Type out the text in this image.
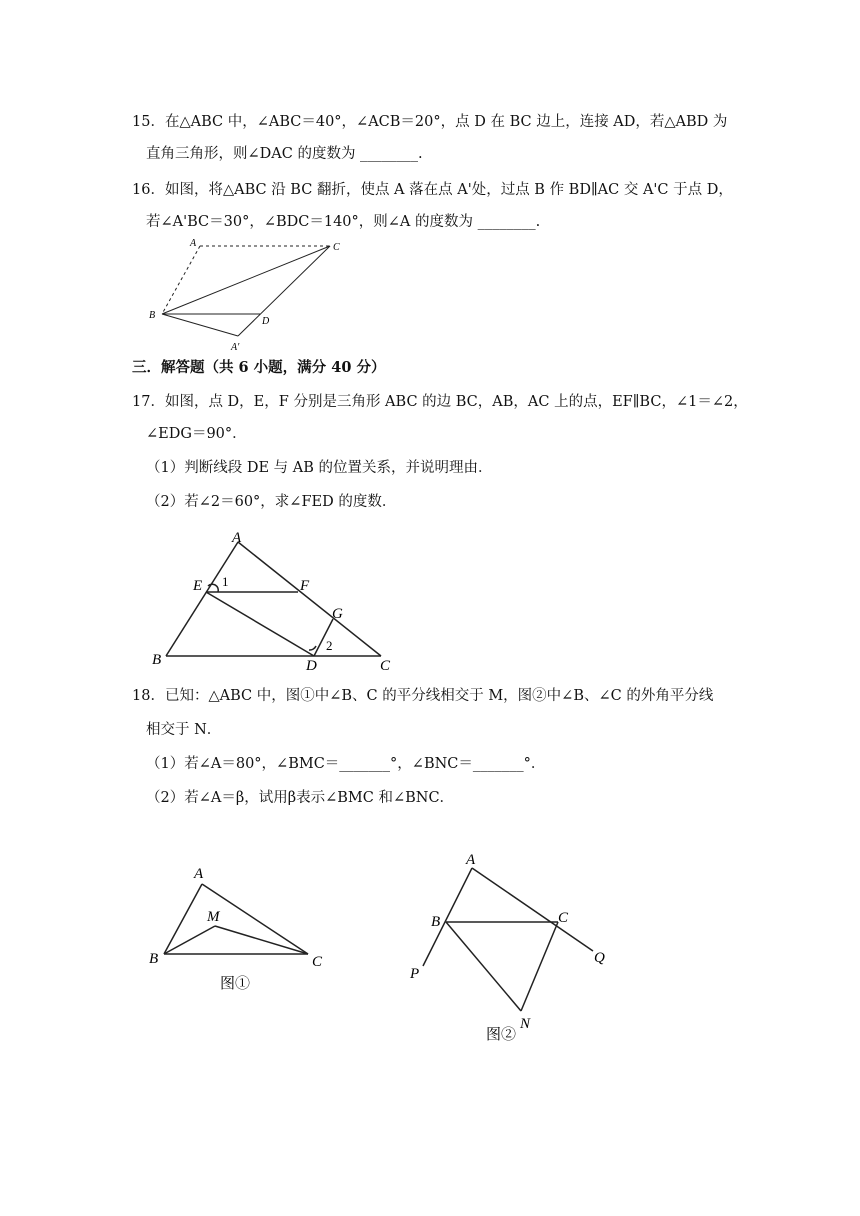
15．在△ABC 中，∠ABC＝40°，∠ACB＝20°，点 D 在 BC 边上，连接 AD，若△ABD 为
直角三角形，则∠DAC 的度数为 ________.
16．如图，将△ABC 沿 BC 翻折，使点 A 落在点 A'处，过点 B 作 BD∥AC 交 A'C 于点 D，
若∠A'BC＝30°，∠BDC＝140°，则∠A 的度数为 ________.
A	C
B
D
A′
三．解答题（共 6 小题，满分 40 分）
17．如图，点 D，E，F 分别是三角形 ABC 的边 BC，AB，AC 上的点，EF∥BC，∠1＝∠2，
∠EDG＝90°．
（1）判断线段 DE 与 AB 的位置关系，并说明理由．
（2）若∠2＝60°，求∠FED 的度数．
A
E 1	F
G
2
B	D	C
18．已知：△ABC 中，图①中∠B、C 的平分线相交于 M，图②中∠B、∠C 的外角平分线
相交于 N．
（1）若∠A＝80°，∠BMC＝_______°，∠BNC＝_______°．
（2）若∠A＝β，试用β表示∠BMC 和∠BNC．
A
M
B	C
图①
A
B	C
P
Q
N
图②
